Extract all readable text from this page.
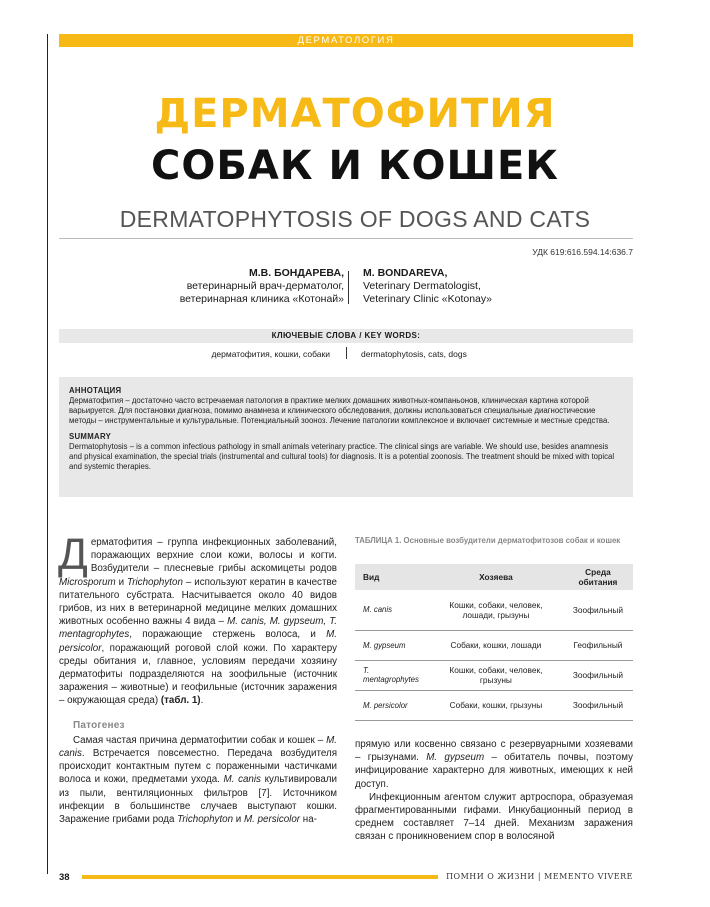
ДЕРМАТОЛОГИЯ
ДЕРМАТОФИТИЯ
СОБАК И КОШЕК
DERMATOPHYTOSIS OF DOGS AND CATS
УДК 619:616.594.14:636.7
М.В. БОНДАРЕВА,
ветеринарный врач-дерматолог,
ветеринарная клиника «Котонай»
M. BONDAREVA,
Veterinary Dermatologist,
Veterinary Clinic «Kotonay»
КЛЮЧЕВЫЕ СЛОВА / KEY WORDS:
дерматофития, кошки, собаки	dermatophytosis, cats, dogs
АННОТАЦИЯ

Дерматофития – достаточно часто встречаемая патология в практике мелких домашних животных-компаньонов, клиническая картина которой варьируется. Для постановки диагноза, помимо анамнеза и клинического обследования, должны использоваться специальные диагностические методы – инструментальные и культуральные. Потенциальный зооноз. Лечение патологии комплексное и включает системные и местные средства.

SUMMARY

Dermatophytosis – is a common infectious pathology in small animals veterinary practice. The clinical sings are variable. We should use, besides anamnesis and physical examination, the special trials (instrumental and cultural tools) for diagnosis. It is a potential zoonosis. The treatment should be mixed with topical and systemic therapies.

Дерматофития – группа инфекционных заболеваний, поражающих верхние слои кожи, волосы и когти. Возбудители – плесневые грибы аскомицеты родов Microsporum и Trichophyton – используют кератин в качестве питательного субстрата. Насчитывается около 40 видов грибов, из них в ветеринарной медицине мелких домашних животных особенно важны 4 вида – M. canis, M. gypseum, T. mentagrophytes, поражающие стержень волоса, и M. persicolor, поражающий роговой слой кожи. По характеру среды обитания и, главное, условиям передачи хозяину дерматофиты подразделяются на зоофильные (источник заражения – животные) и геофильные (источник заражения – окружающая среда) (табл. 1).

Патогенез

Самая частая причина дерматофитии собак и кошек – M. canis. Встречается повсеместно. Передача возбудителя происходит контактным путем с пораженными частичками волоса и кожи, предметами ухода. M. canis культивировали из пыли, вентиляционных фильтров [7]. Источником инфекции в большинстве случаев выступают кошки. Заражение грибами рода Trichophyton и M. persicolor на-

ТАБЛИЦА 1. Основные возбудители дерматофитозов собак и кошек
Вид	Хозяева	Среда обитания
M. canis	Кошки, собаки, человек, лошади, грызуны	Зоофильный
M. gypseum	Собаки, кошки, лошади	Геофильный
T. mentagrophytes	Кошки, собаки, человек, грызуны	Зоофильный
M. persicolor	Собаки, кошки, грызуны	Зоофильный

прямую или косвенно связано с резервуарными хозяевами – грызунами. M. gypseum – обитатель почвы, поэтому инфицирование характерно для животных, имеющих к ней доступ.

Инфекционным агентом служит артроспора, образуемая фрагментированными гифами. Инкубационный период в среднем составляет 7–14 дней. Механизм заражения связан с проникновением спор в волосяной

38	ПОМНИ О ЖИЗНИ | MEMENTO VIVERE
